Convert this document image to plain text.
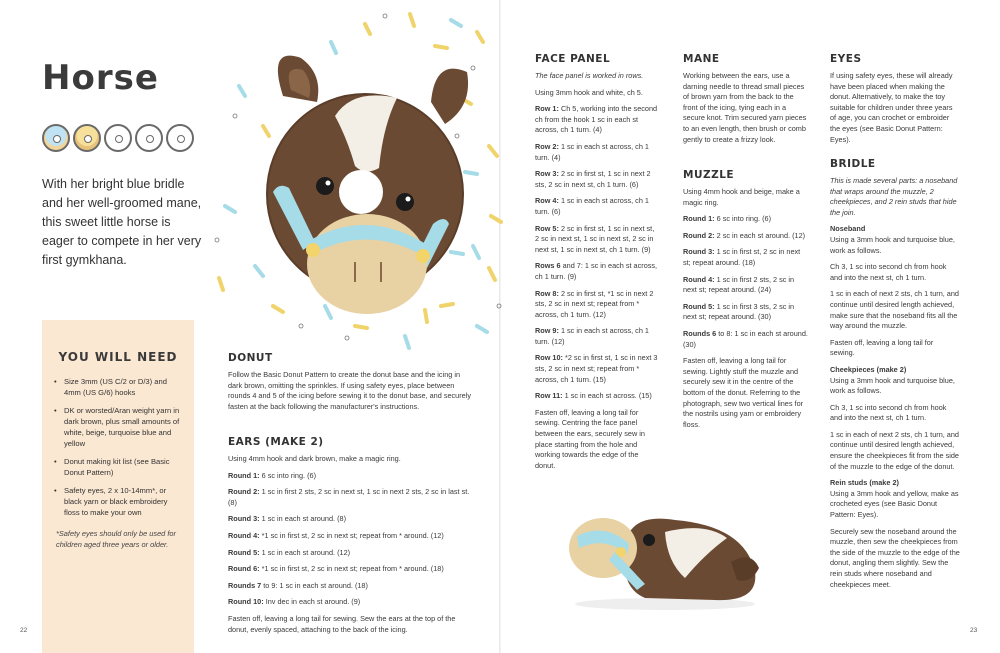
Horse
With her bright blue bridle and her well-groomed mane, this sweet little horse is eager to compete in her very first gymkhana.
YOU WILL NEED
• Size 3mm (US C/2 or D/3) and 4mm (US G/6) hooks
• DK or worsted/Aran weight yarn in dark brown, plus small amounts of white, beige, turquoise blue and yellow
• Donut making kit list (see Basic Donut Pattern)
• Safety eyes, 2 x 10-14mm*, or black yarn or black embroidery floss to make your own
*Safety eyes should only be used for children aged three years or older.
DONUT
Follow the Basic Donut Pattern to create the donut base and the icing in dark brown, omitting the sprinkles. If using safety eyes, place between rounds 4 and 5 of the icing before sewing it to the donut base, and securely fasten at the back following the manufacturer's instructions.
EARS (MAKE 2)
Using 4mm hook and dark brown, make a magic ring.
Round 1: 6 sc into ring. (6)
Round 2: 1 sc in first 2 sts, 2 sc in next st, 1 sc in next 2 sts, 2 sc in last st. (8)
Round 3: 1 sc in each st around. (8)
Round 4: *1 sc in first st, 2 sc in next st; repeat from * around. (12)
Round 5: 1 sc in each st around. (12)
Round 6: *1 sc in first st, 2 sc in next st; repeat from * around. (18)
Rounds 7 to 9: 1 sc in each st around. (18)
Round 10: Inv dec in each st around. (9)
Fasten off, leaving a long tail for sewing. Sew the ears at the top of the donut, evenly spaced, attaching to the back of the icing.
22
FACE PANEL
The face panel is worked in rows.
Using 3mm hook and white, ch 5.
Row 1: Ch 5, working into the second ch from the hook 1 sc in each st across, ch 1 turn. (4)
Row 2: 1 sc in each st across, ch 1 turn. (4)
Row 3: 2 sc in first st, 1 sc in next 2 sts, 2 sc in next st, ch 1 turn. (6)
Row 4: 1 sc in each st across, ch 1 turn. (6)
Row 5: 2 sc in first st, 1 sc in next st, 2 sc in next st, 1 sc in next st, 2 sc in next st, 1 sc in next st, ch 1 turn. (9)
Rows 6 and 7: 1 sc in each st across, ch 1 turn. (9)
Row 8: 2 sc in first st, *1 sc in next 2 sts, 2 sc in next st; repeat from * across, ch 1 turn. (12)
Row 9: 1 sc in each st across, ch 1 turn. (12)
Row 10: *2 sc in first st, 1 sc in next 3 sts, 2 sc in next st; repeat from * across, ch 1 turn. (15)
Row 11: 1 sc in each st across. (15)
Fasten off, leaving a long tail for sewing. Centring the face panel between the ears, securely sew in place starting from the hole and working towards the edge of the donut.
MANE
Working between the ears, use a darning needle to thread small pieces of brown yarn from the back to the front of the icing, tying each in a secure knot. Trim secured yarn pieces to an even length, then brush or comb gently to create a frizzy look.
MUZZLE
Using 4mm hook and beige, make a magic ring.
Round 1: 6 sc into ring. (6)
Round 2: 2 sc in each st around. (12)
Round 3: 1 sc in first st, 2 sc in next st; repeat around. (18)
Round 4: 1 sc in first 2 sts, 2 sc in next st; repeat around. (24)
Round 5: 1 sc in first 3 sts, 2 sc in next st; repeat around. (30)
Rounds 6 to 8: 1 sc in each st around. (30)
Fasten off, leaving a long tail for sewing. Lightly stuff the muzzle and securely sew it in the centre of the bottom of the donut. Referring to the photograph, sew two vertical lines for the nostrils using yarn or embroidery floss.
EYES
If using safety eyes, these will already have been placed when making the donut. Alternatively, to make the toy suitable for children under three years of age, you can crochet or embroider the eyes (see Basic Donut Pattern: Eyes).
BRIDLE
This is made several parts: a noseband that wraps around the muzzle, 2 cheekpieces, and 2 rein studs that hide the join.
Noseband
Using a 3mm hook and turquoise blue, work as follows.
Ch 3, 1 sc into second ch from hook and into the next st, ch 1 turn.
1 sc in each of next 2 sts, ch 1 turn, and continue until desired length achieved, make sure that the noseband fits all the way around the muzzle.
Fasten off, leaving a long tail for sewing.
Cheekpieces (make 2)
Using a 3mm hook and turquoise blue, work as follows.
Ch 3, 1 sc into second ch from hook and into the next st, ch 1 turn.
1 sc in each of next 2 sts, ch 1 turn, and continue until desired length achieved, ensure the cheekpieces fit from the side of the muzzle to the edge of the donut.
Rein studs (make 2)
Using a 3mm hook and yellow, make as crocheted eyes (see Basic Donut Pattern: Eyes).
Securely sew the noseband around the muzzle, then sew the cheekpieces from the side of the muzzle to the edge of the donut, angling them slightly. Sew the rein studs where noseband and cheekpieces meet.
23
